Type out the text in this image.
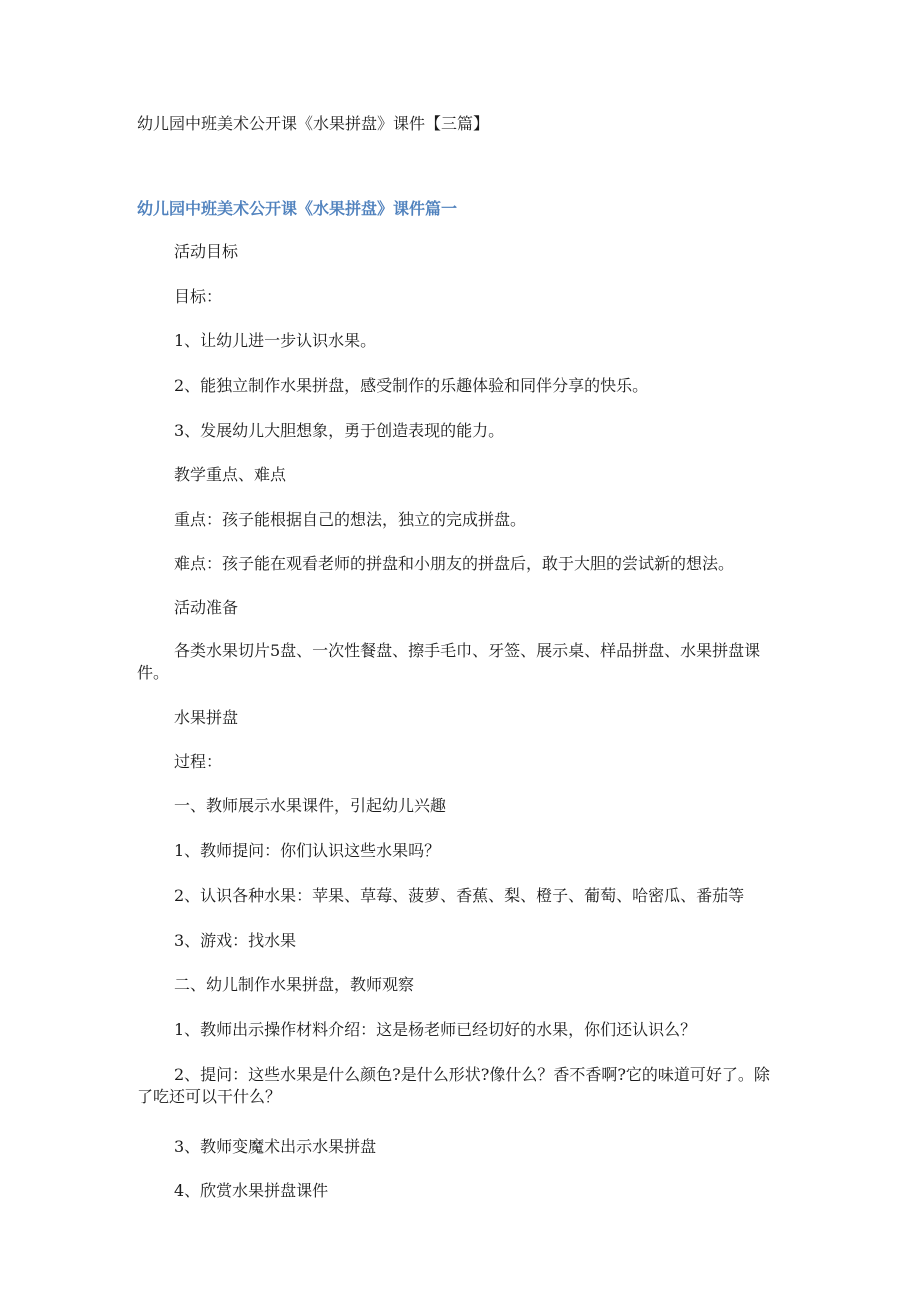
幼儿园中班美术公开课《水果拼盘》课件【三篇】
幼儿园中班美术公开课《水果拼盘》课件篇一
活动目标
目标：
1、让幼儿进一步认识水果。
2、能独立制作水果拼盘，感受制作的乐趣体验和同伴分享的快乐。
3、发展幼儿大胆想象，勇于创造表现的能力。
教学重点、难点
重点：孩子能根据自己的想法，独立的完成拼盘。
难点：孩子能在观看老师的拼盘和小朋友的拼盘后，敢于大胆的尝试新的想法。
活动准备
各类水果切片5盘、一次性餐盘、擦手毛巾、牙签、展示桌、样品拼盘、水果拼盘课件。
水果拼盘
过程：
一、教师展示水果课件，引起幼儿兴趣
1、教师提问：你们认识这些水果吗？
2、认识各种水果：苹果、草莓、菠萝、香蕉、梨、橙子、葡萄、哈密瓜、番茄等
3、游戏：找水果
二、幼儿制作水果拼盘，教师观察
1、教师出示操作材料介绍：这是杨老师已经切好的水果，你们还认识么？
2、提问：这些水果是什么颜色?是什么形状?像什么？香不香啊?它的味道可好了。除了吃还可以干什么？
3、教师变魔术出示水果拼盘
4、欣赏水果拼盘课件
